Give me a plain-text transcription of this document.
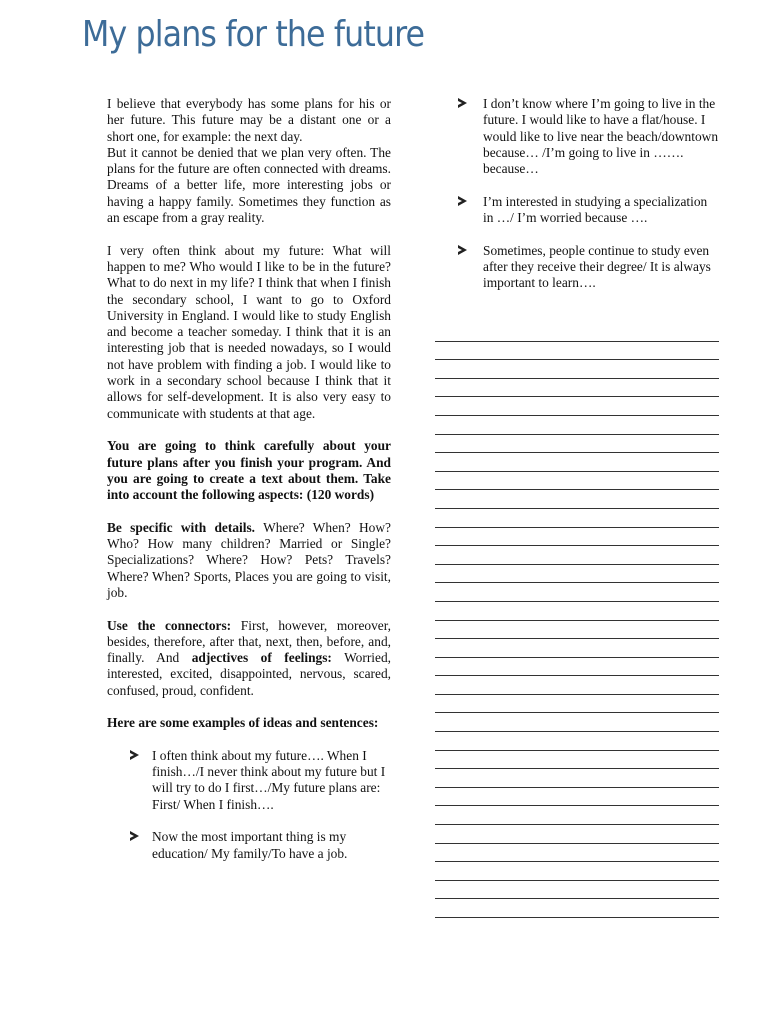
My plans for the future

I believe that everybody has some plans for his or her future. This future may be a distant one or a short one, for example: the next day.

But it cannot be denied that we plan very often. The plans for the future are often connected with dreams. Dreams of a better life, more interesting jobs or having a happy family. Sometimes they function as an escape from a gray reality.

I very often think about my future: What will happen to me? Who would I like to be in the future? What to do next in my life? I think that when I finish the secondary school, I want to go to Oxford University in England. I would like to study English and become a teacher someday. I think that it is an interesting job that is needed nowadays, so I would not have problem with finding a job. I would like to work in a secondary school because I think that it allows for self-development. It is also very easy to communicate with students at that age.

You are going to think carefully about your future plans after you finish your program. And you are going to create a text about them. Take into account the following aspects: (120 words)

Be specific with details. Where? When? How? Who? How many children? Married or Single? Specializations? Where? How? Pets? Travels? Where? When? Sports, Places you are going to visit, job.

Use the connectors: First, however, moreover, besides, therefore, after that, next, then, before, and, finally. And adjectives of feelings: Worried, interested, excited, disappointed, nervous, scared, confused, proud, confident.

Here are some examples of ideas and sentences:

I often think about my future…. When I finish…/I never think about my future but I will try to do I first…/My future plans are: First/ When I finish….
Now the most important thing is my education/ My family/To have a job.
I don’t know where I’m going to live in the future. I would like to have a flat/house. I would like to live near the beach/downtown because… /I’m going to live in ……. because…
I’m interested in studying a specialization in …/ I’m worried because ….
Sometimes, people continue to study even after they receive their degree/ It is always important to learn….
